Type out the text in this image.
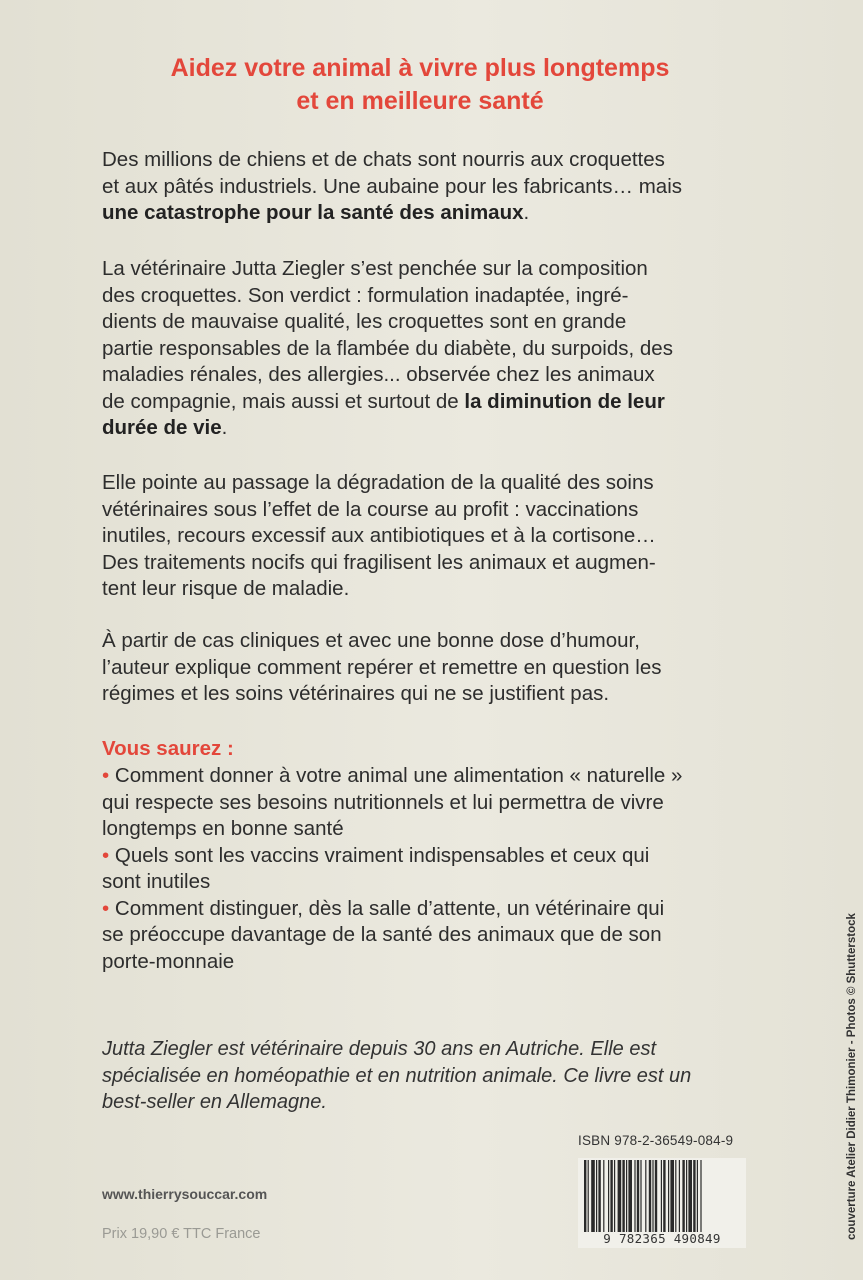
Aidez votre animal à vivre plus longtemps
et en meilleure santé
Des millions de chiens et de chats sont nourris aux croquettes
et aux pâtés industriels. Une aubaine pour les fabricants… mais
une catastrophe pour la santé des animaux.
La vétérinaire Jutta Ziegler s’est penchée sur la composition
des croquettes. Son verdict : formulation inadaptée, ingré-
dients de mauvaise qualité, les croquettes sont en grande
partie responsables de la flambée du diabète, du surpoids, des
maladies rénales, des allergies... observée chez les animaux
de compagnie, mais aussi et surtout de la diminution de leur
durée de vie.
Elle pointe au passage la dégradation de la qualité des soins
vétérinaires sous l’effet de la course au profit : vaccinations
inutiles, recours excessif aux antibiotiques et à la cortisone…
Des traitements nocifs qui fragilisent les animaux et augmen-
tent leur risque de maladie.
À partir de cas cliniques et avec une bonne dose d’humour,
l’auteur explique comment repérer et remettre en question les
régimes et les soins vétérinaires qui ne se justifient pas.
Vous saurez :
• Comment donner à votre animal une alimentation « naturelle »
qui respecte ses besoins nutritionnels et lui permettra de vivre
longtemps en bonne santé
• Quels sont les vaccins vraiment indispensables et ceux qui
sont inutiles
• Comment distinguer, dès la salle d’attente, un vétérinaire qui
se préoccupe davantage de la santé des animaux que de son
porte-monnaie
Jutta Ziegler est vétérinaire depuis 30 ans en Autriche. Elle est
spécialisée en homéopathie et en nutrition animale. Ce livre est un
best-seller en Allemagne.
ISBN 978-2-36549-084-9
9 782365 490849
www.thierrysouccar.com
Prix 19,90 € TTC France	couverture Atelier Didier Thimonier - Photos © Shutterstock
